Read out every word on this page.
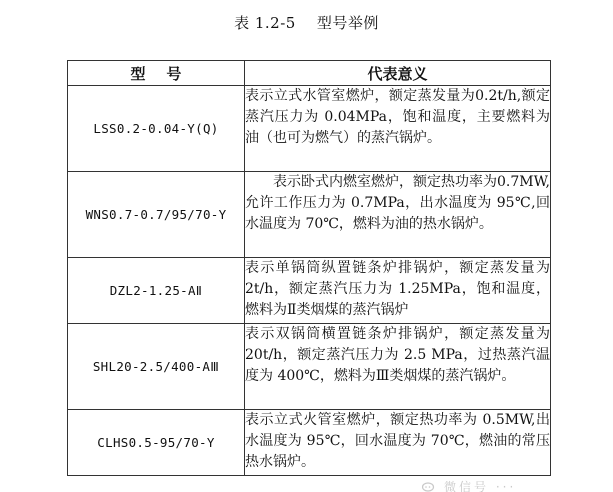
表 1.2-5    型号举例
型    号	代表意义
LSS0.2-0.04-Y(Q)	表示立式水管室燃炉，额定蒸发量为0.2t/h,额定蒸汽压力为 0.04MPa，饱和温度，主要燃料为油（也可为燃气）的蒸汽锅炉。
WNS0.7-0.7/95/70-Y	　　表示卧式内燃室燃炉，额定热功率为0.7MW,允许工作压力为 0.7MPa，出水温度为 95℃,回水温度为 70℃，燃料为油的热水锅炉。
DZL2-1.25-AⅡ	表示单锅筒纵置链条炉排锅炉，额定蒸发量为 2t/h，额定蒸汽压力为 1.25MPa，饱和温度，燃料为Ⅱ类烟煤的蒸汽锅炉
SHL20-2.5/400-AⅢ	表示双锅筒横置链条炉排锅炉，额定蒸发量为 20t/h，额定蒸汽压力为 2.5 MPa，过热蒸汽温度为 400℃，燃料为Ⅲ类烟煤的蒸汽锅炉。
CLHS0.5-95/70-Y	表示立式火管室燃炉，额定热功率为 0.5MW,出水温度为 95℃，回水温度为 70℃，燃油的常压热水锅炉。
微信号 ···
